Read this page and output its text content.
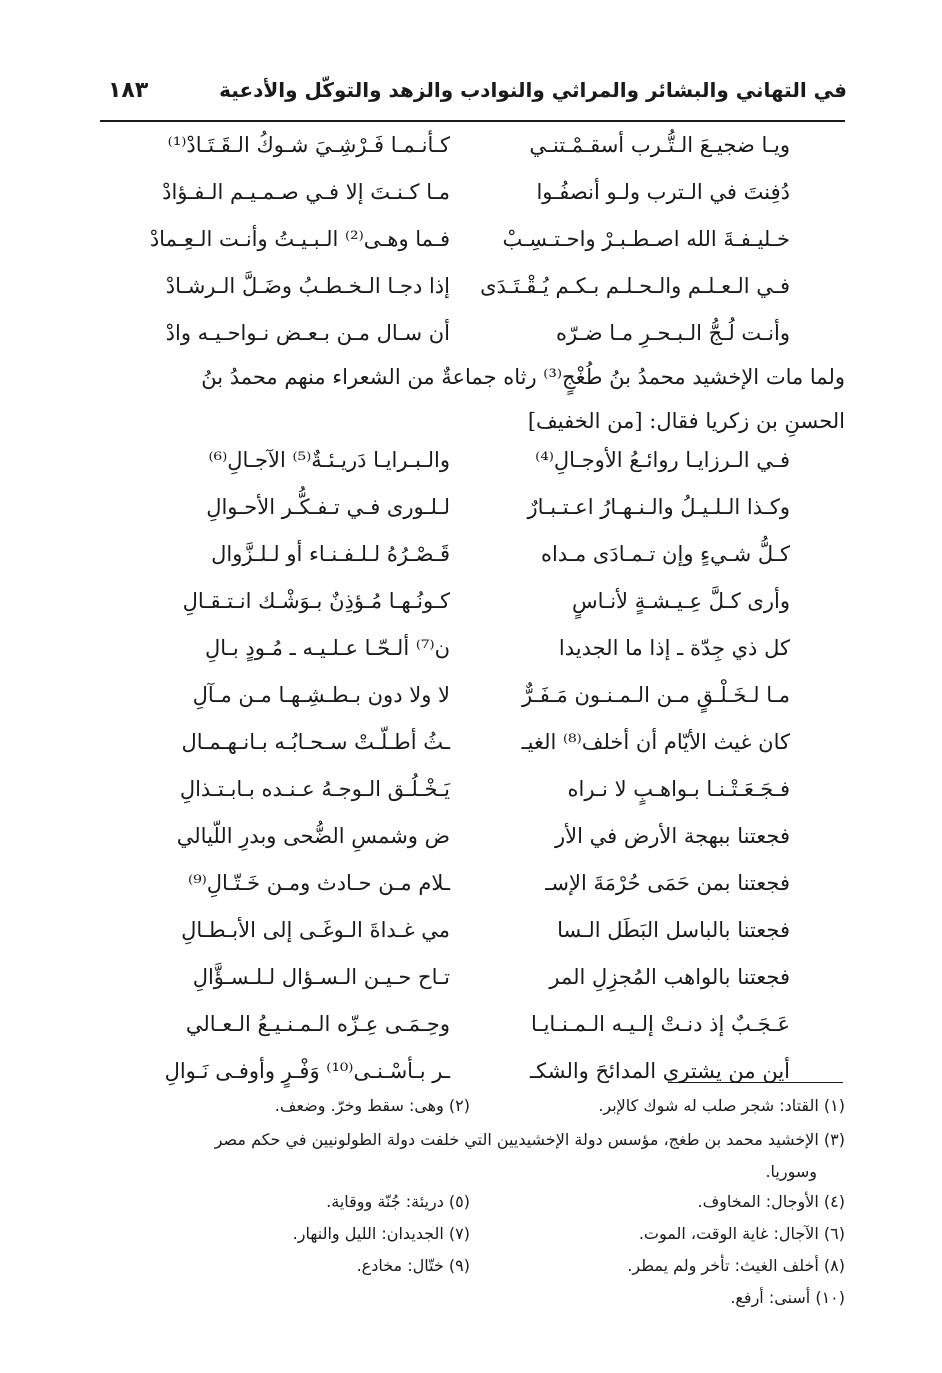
في التهاني والبشائر والمراثي والنوادب والزهد والتوكّل والأدعية
١٨٣
ويـا ضجيـعَ الـتُّـرب أسقـمْـتنـي
كـأنـمـا فَـرْشِـيَ شـوكُ الـقَـتَـادْ⁽¹⁾
دُفِنتَ في الـترب ولـو أنصفُـوا
مـا كـنـتَ إلا فـي صـمـيـم الـفـؤادْ
خـليـفـةَ الله اصـطـبـرْ واحـتـسِـبْ
فـما وهـى⁽²⁾ الـبـيـتُ وأنـت الـعِـمادْ
فـي الـعـلـم والـحـلـم بـكـم يُـقْـتَـدَى
إذا دجـا الـخـطـبُ وضَـلَّ الـرشـادْ
وأنـت لُـجُّ الـبـحـرِ مـا ضـرّه
أن سـال مـن بـعـض نـواحـيـه وادْ
ولما مات الإخشيد محمدُ بنُ طُغْجٍ⁽³⁾ رثاه جماعةٌ من الشعراء منهم محمدُ بنُ
الحسنِ بن زكريا فقال: [من الخفيف]
فـي الـرزايـا روائـعُ الأوجـالِ⁽⁴⁾
والـبـرايـا دَريـئـةٌ⁽⁵⁾ الآجـالِ⁽⁶⁾
وكـذا الـلـيـلُ والـنـهـارُ اعـتـبـارٌ
لـلـورى فـي تـفـكُّـر الأحـوالِ
كـلُّ شـيءٍ وإن تـمـادَى مـداه
قَـصْـرُهُ لـلـفـنـاء أو لـلـزَّوال
وأرى كـلَّ عِـيـشـةٍ لأنـاسٍ
كـونُـهـا مُـؤذِنٌ بـوَشْـك انـتـقـالِ
كل ذي جِدّة ـ إذا ما الجديدا
ن⁽⁷⁾ ألـحّـا عـلـيـه ـ مُـودٍ بـالِ
مـا لـخَـلْـقٍ مـن الـمـنـون مَـفَـرٌّ
لا ولا دون بـطـشِـهـا مـن مـآلِ
كان غيث الأيّام أن أخلف⁽⁸⁾ الغيـ
ـثُ أطـلّـتْ سـحـابُـه بـانـهـمـال
فـجَـعَـتْـنـا بـواهـبٍ لا نـراه
يَـخْـلُـق الـوجـهُ عـنـده بـابـتـذالِ
فجعتنا ببهجة الأرض في الأر
ض وشمسِ الضُّحى وبدرِ اللّيالي
فجعتنا بمن حَمَى حُرْمَةَ الإسـ
ـلام مـن حـادث ومـن خَـتّـالِ⁽⁹⁾
فجعتنا بالباسل البَطَل الـسا
مي غـداةَ الـوغَـى إلى الأبـطـالِ
فجعتنا بالواهب المُجزِلِ المر
تـاح حـيـن الـسـؤال لـلـسـؤَّالِ
عَـجَـبٌ إذ دنـتْ إلـيـه الـمـنـايـا
وحِـمَـى عِـزّه الـمـنـيـعُ الـعـالي
أين من يشتري المدائحَ والشكـ
ـر بـأسْـنـى⁽¹⁰⁾ وَفْـرٍ وأوفـى نَـوالِ
(١) القتاد: شجر صلب له شوك كالإبر.
(٢) وهى: سقط وخرّ. وضعف.
(٣) الإخشيد محمد بن طغج، مؤسس دولة الإخشيديين التي خلفت دولة الطولونيين في حكم مصر
وسوريا.
(٤) الأوجال: المخاوف.
(٥) دريئة: جُنّة ووقاية.
(٦) الآجال: غاية الوقت، الموت.
(٧) الجديدان: الليل والنهار.
(٨) أخلف الغيث: تأخر ولم يمطر.
(٩) ختّال: مخادع.
(١٠) أسنى: أرفع.
